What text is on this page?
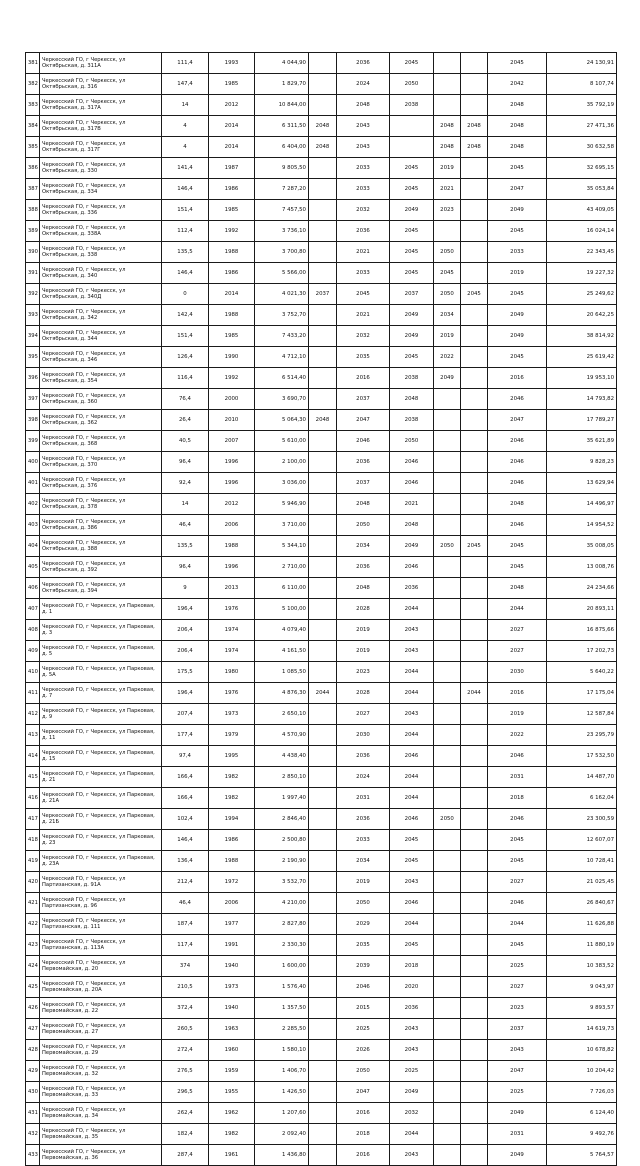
381	Черкесский ГО, г Черкесск, ул Октябрьская, д. 311А	111,4	1993	4 044,90		2036	2045			2045	24 130,91
382	Черкесский ГО, г Черкесск, ул Октябрьская, д. 316	147,4	1985	1 829,70		2024	2050			2042	8 107,74
383	Черкесский ГО, г Черкесск, ул Октябрьская, д. 317А	14	2012	10 844,00		2048	2038			2048	35 792,19
384	Черкесский ГО, г Черкесск, ул Октябрьская, д. 317В	4	2014	6 311,50	2048	2043		2048	2048	2048	27 471,36
385	Черкесский ГО, г Черкесск, ул Октябрьская, д. 317Г	4	2014	6 404,00	2048	2043		2048	2048	2048	30 632,58
386	Черкесский ГО, г Черкесск, ул Октябрьская, д. 330	141,4	1987	9 805,50		2033	2045	2019		2045	32 695,15
387	Черкесский ГО, г Черкесск, ул Октябрьская, д. 334	146,4	1986	7 287,20		2033	2045	2021		2047	35 053,84
388	Черкесский ГО, г Черкесск, ул Октябрьская, д. 336	151,4	1985	7 457,50		2032	2049	2023		2049	43 409,05
389	Черкесский ГО, г Черкесск, ул Октябрьская, д. 338А	112,4	1992	3 736,10		2036	2045			2045	16 024,14
390	Черкесский ГО, г Черкесск, ул Октябрьская, д. 338	135,5	1988	3 700,80		2021	2045	2050		2033	22 343,45
391	Черкесский ГО, г Черкесск, ул Октябрьская, д. 340	146,4	1986	5 566,00		2033	2045	2045		2019	19 227,32
392	Черкесский ГО, г Черкесск, ул Октябрьская, д. 340Д	0	2014	4 021,30	2037	2045	2037	2050	2045	2045	25 249,62
393	Черкесский ГО, г Черкесск, ул Октябрьская, д. 342	142,4	1988	3 752,70		2021	2049	2034		2049	20 642,25
394	Черкесский ГО, г Черкесск, ул Октябрьская, д. 344	151,4	1985	7 433,20		2032	2049	2019		2049	38 814,92
395	Черкесский ГО, г Черкесск, ул Октябрьская, д. 346	126,4	1990	4 712,10		2035	2045	2022		2045	25 619,42
396	Черкесский ГО, г Черкесск, ул Октябрьская, д. 354	116,4	1992	6 514,40		2016	2038	2049		2016	19 953,10
397	Черкесский ГО, г Черкесск, ул Октябрьская, д. 360	76,4	2000	3 690,70		2037	2048			2046	14 793,82
398	Черкесский ГО, г Черкесск, ул Октябрьская, д. 362	26,4	2010	5 064,30	2048	2047	2038			2047	17 789,27
399	Черкесский ГО, г Черкесск, ул Октябрьская, д. 368	40,5	2007	5 610,00		2046	2050			2046	35 621,89
400	Черкесский ГО, г Черкесск, ул Октябрьская, д. 370	96,4	1996	2 100,00		2036	2046			2046	9 828,23
401	Черкесский ГО, г Черкесск, ул Октябрьская, д. 376	92,4	1996	3 036,00		2037	2046			2046	13 629,94
402	Черкесский ГО, г Черкесск, ул Октябрьская, д. 378	14	2012	5 946,90		2048	2021			2048	14 496,97
403	Черкесский ГО, г Черкесск, ул Октябрьская, д. 386	46,4	2006	3 710,00		2050	2048			2046	14 954,52
404	Черкесский ГО, г Черкесск, ул Октябрьская, д. 388	135,5	1988	5 344,10		2034	2049	2050	2045	2045	35 008,05
405	Черкесский ГО, г Черкесск, ул Октябрьская, д. 392	96,4	1996	2 710,00		2036	2046			2045	13 008,76
406	Черкесский ГО, г Черкесск, ул Октябрьская, д. 394	9	2013	6 110,00		2048	2036			2048	24 234,66
407	Черкесский ГО, г Черкесск, ул Парковая, д. 1	196,4	1976	5 100,00		2028	2044			2044	20 893,11
408	Черкесский ГО, г Черкесск, ул Парковая, д. 3	206,4	1974	4 079,40		2019	2043			2027	16 875,66
409	Черкесский ГО, г Черкесск, ул Парковая, д. 5	206,4	1974	4 161,50		2019	2043			2027	17 202,73
410	Черкесский ГО, г Черкесск, ул Парковая, д. 5А	175,5	1980	1 085,50		2023	2044			2030	5 640,22
411	Черкесский ГО, г Черкесск, ул Парковая, д. 7	196,4	1976	4 876,30	2044	2028	2044		2044	2016	17 175,04
412	Черкесский ГО, г Черкесск, ул Парковая, д. 9	207,4	1973	2 650,10		2027	2043			2019	12 587,84
413	Черкесский ГО, г Черкесск, ул Парковая, д. 11	177,4	1979	4 570,90		2030	2044			2022	23 295,79
414	Черкесский ГО, г Черкесск, ул Парковая, д. 15	97,4	1995	4 438,40		2036	2046			2046	17 532,50
415	Черкесский ГО, г Черкесск, ул Парковая, д. 21	166,4	1982	2 850,10		2024	2044			2031	14 487,70
416	Черкесский ГО, г Черкесск, ул Парковая, д. 21А	166,4	1982	1 997,40		2031	2044			2018	6 162,04
417	Черкесский ГО, г Черкесск, ул Парковая, д. 21Б	102,4	1994	2 846,40		2036	2046	2050		2046	23 300,59
418	Черкесский ГО, г Черкесск, ул Парковая, д. 23	146,4	1986	2 500,80		2033	2045			2045	12 607,07
419	Черкесский ГО, г Черкесск, ул Парковая, д. 23А	136,4	1988	2 190,90		2034	2045			2045	10 728,41
420	Черкесский ГО, г Черкесск, ул Партизанская, д. 91А	212,4	1972	3 532,70		2019	2043			2027	21 025,45
421	Черкесский ГО, г Черкесск, ул Партизанская, д. 96	46,4	2006	4 210,00		2050	2046			2046	26 840,67
422	Черкесский ГО, г Черкесск, ул Партизанская, д. 111	187,4	1977	2 827,80		2029	2044			2044	11 626,88
423	Черкесский ГО, г Черкесск, ул Партизанская, д. 113А	117,4	1991	2 330,30		2035	2045			2045	11 880,19
424	Черкесский ГО, г Черкесск, ул Первомайская, д. 20	374	1940	1 600,00		2039	2018			2025	10 383,52
425	Черкесский ГО, г Черкесск, ул Первомайская, д. 20А	210,5	1973	1 576,40		2046	2020			2027	9 043,97
426	Черкесский ГО, г Черкесск, ул Первомайская, д. 22	372,4	1940	1 357,50		2015	2036			2023	9 893,57
427	Черкесский ГО, г Черкесск, ул Первомайская, д. 27	260,5	1963	2 285,50		2025	2043			2037	14 619,73
428	Черкесский ГО, г Черкесск, ул Первомайская, д. 29	272,4	1960	1 580,10		2026	2043			2043	10 678,82
429	Черкесский ГО, г Черкесск, ул Первомайская, д. 32	276,5	1959	1 406,70		2050	2025			2047	10 204,42
430	Черкесский ГО, г Черкесск, ул Первомайская, д. 33	296,5	1955	1 426,50		2047	2049			2025	7 726,03
431	Черкесский ГО, г Черкесск, ул Первомайская, д. 34	262,4	1962	1 207,60		2016	2032			2049	6 124,40
432	Черкесский ГО, г Черкесск, ул Первомайская, д. 35	182,4	1982	2 092,40		2018	2044			2031	9 492,76
433	Черкесский ГО, г Черкесск, ул Первомайская, д. 36	287,4	1961	1 436,80		2016	2043			2049	5 764,57
